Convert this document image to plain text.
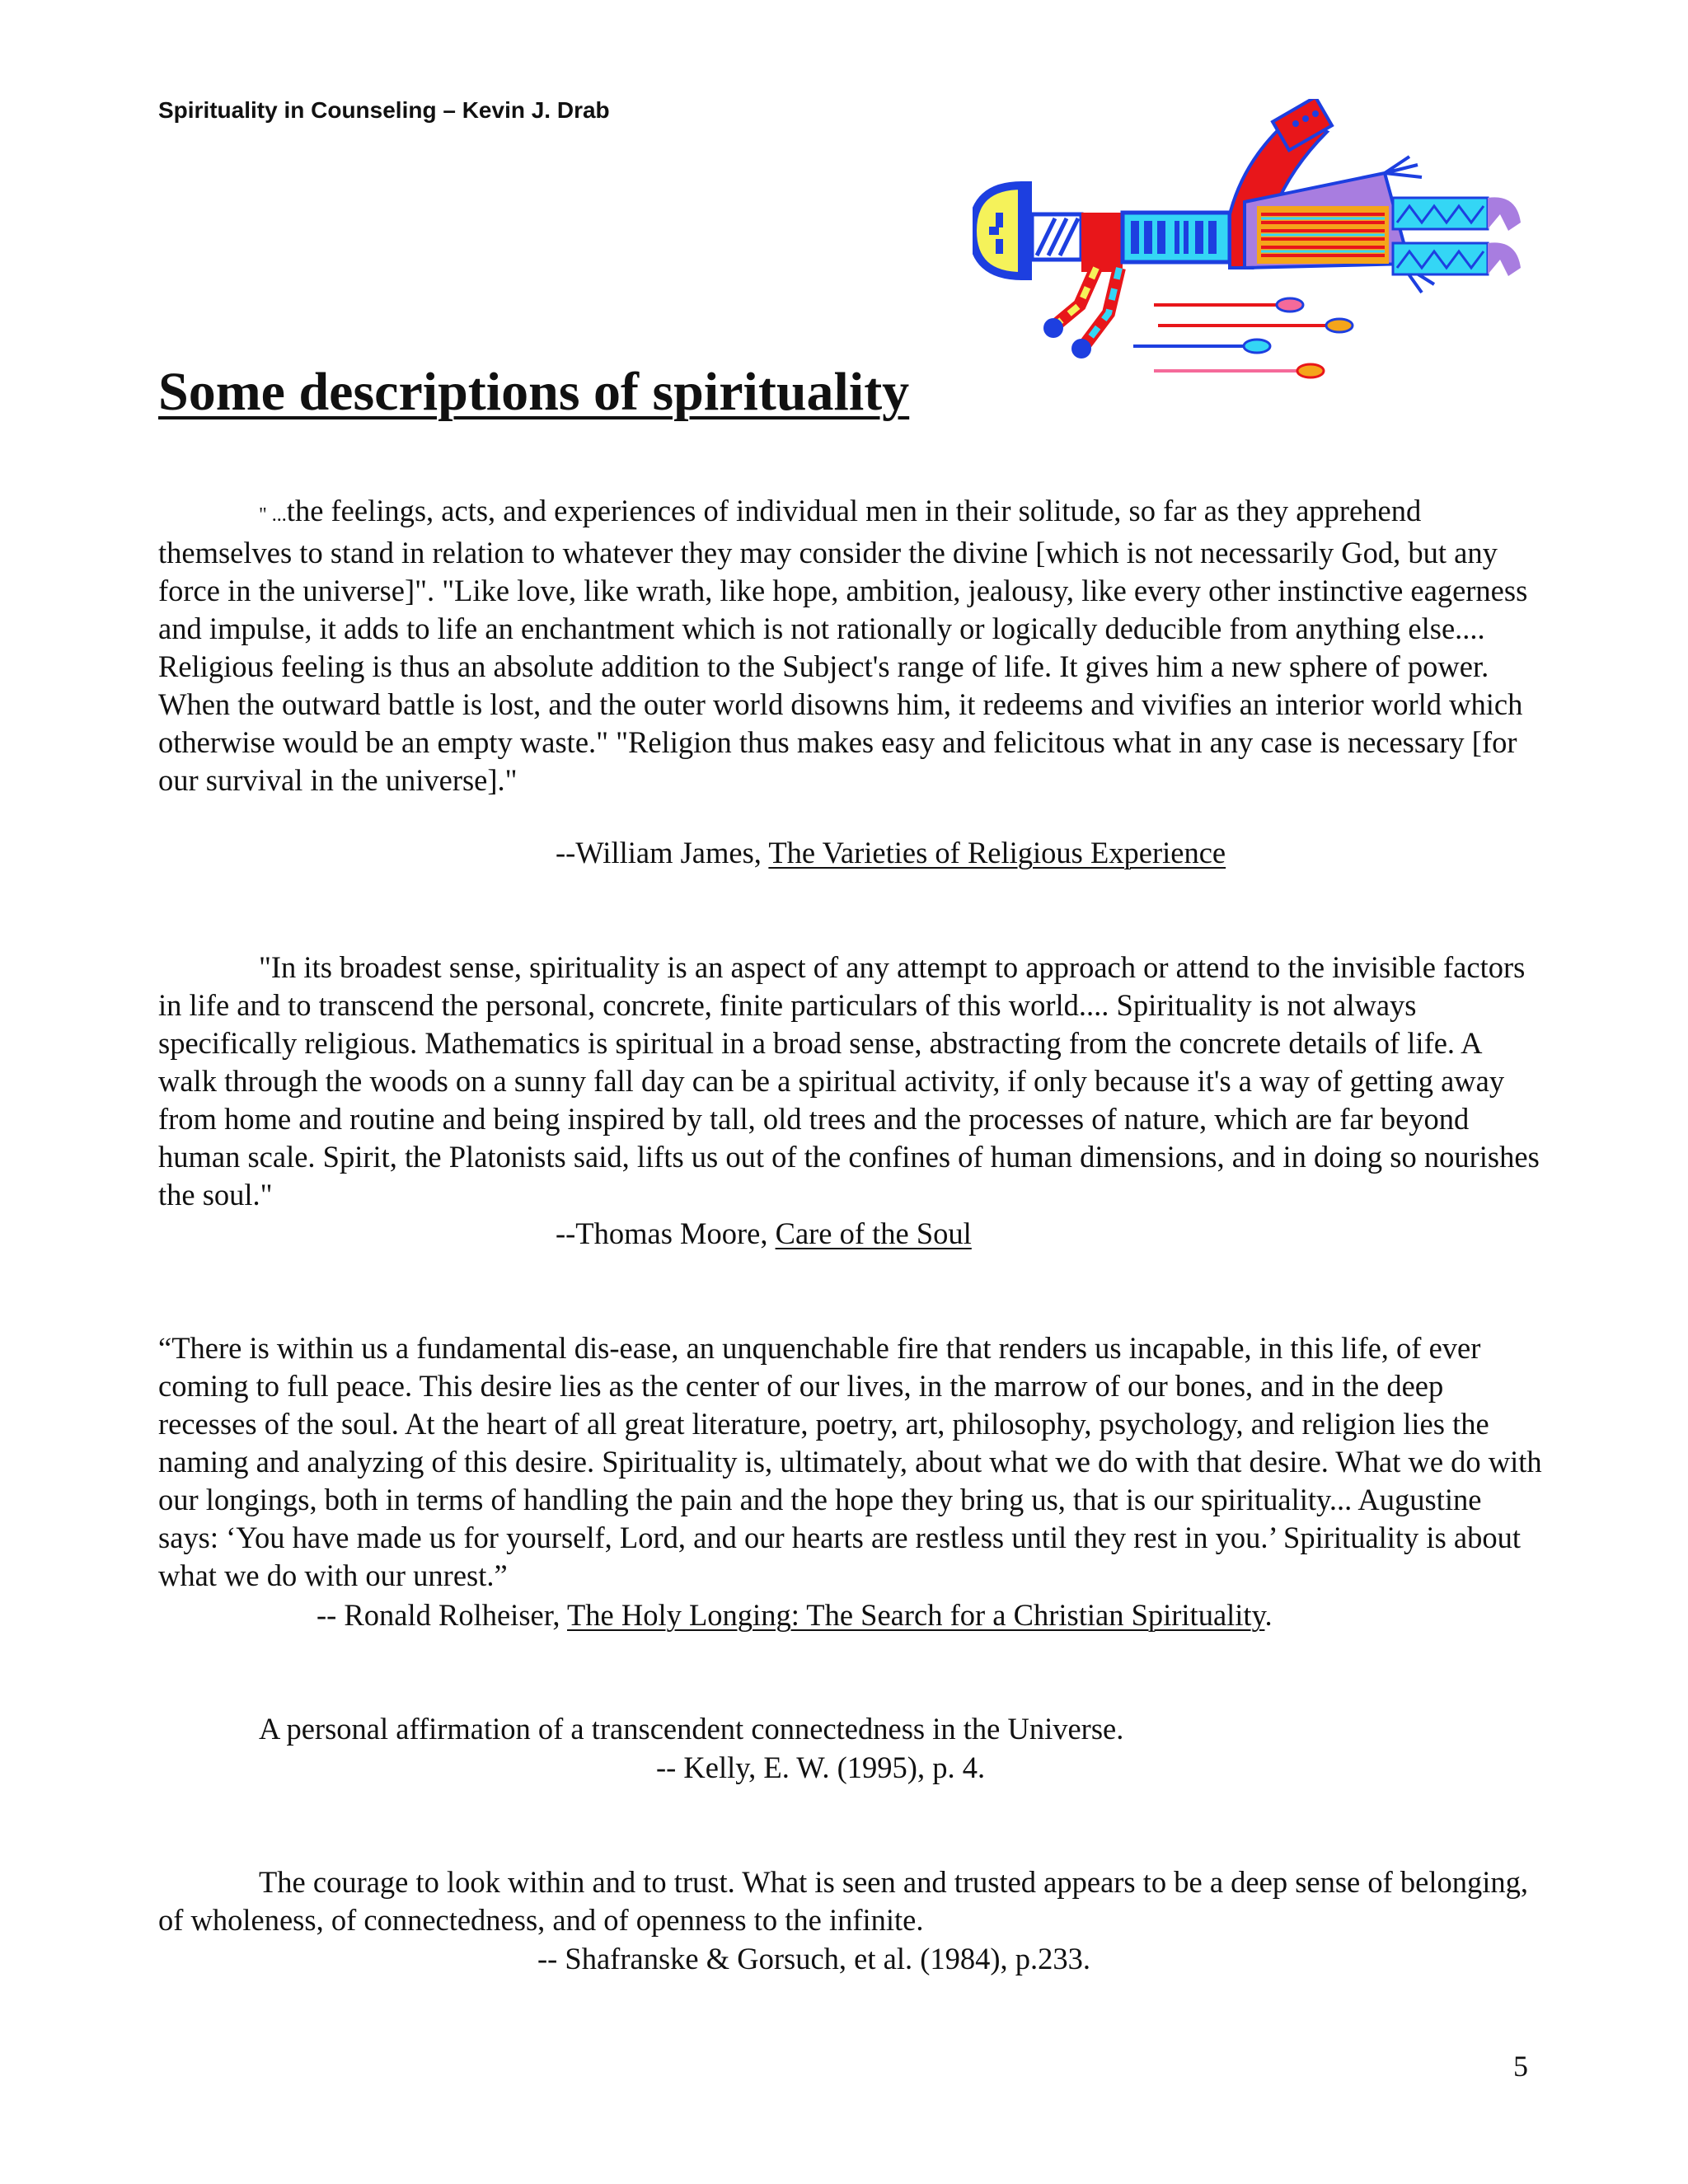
Spirituality in Counseling – Kevin J. Drab
Some descriptions of spirituality

" ...the feelings, acts, and experiences of individual men in their solitude, so far as they apprehend themselves to stand in relation to whatever they may consider the divine [which is not necessarily God, but any force in the universe]". "Like love, like wrath, like hope, ambition, jealousy, like every other instinctive eagerness and impulse, it adds to life an enchantment which is not rationally or logically deducible from anything else.... Religious feeling is thus an absolute addition to the Subject's range of life. It gives him a new sphere of power. When the outward battle is lost, and the outer world disowns him, it redeems and vivifies an interior world which otherwise would be an empty waste." "Religion thus makes easy and felicitous what in any case is necessary [for our survival in the universe]."

--William James, The Varieties of Religious Experience

"In its broadest sense, spirituality is an aspect of any attempt to approach or attend to the invisible factors in life and to transcend the personal, concrete, finite particulars of this world.... Spirituality is not always specifically religious. Mathematics is spiritual in a broad sense, abstracting from the concrete details of life. A walk through the woods on a sunny fall day can be a spiritual activity, if only because it's a way of getting away from home and routine and being inspired by tall, old trees and the processes of nature, which are far beyond human scale. Spirit, the Platonists said, lifts us out of the confines of human dimensions, and in doing so nourishes the soul."

--Thomas Moore, Care of the Soul

“There is within us a fundamental dis-ease, an unquenchable fire that renders us incapable, in this life, of ever coming to full peace. This desire lies as the center of our lives, in the marrow of our bones, and in the deep recesses of the soul. At the heart of all great literature, poetry, art, philosophy, psychology, and religion lies the naming and analyzing of this desire. Spirituality is, ultimately, about what we do with that desire. What we do with our longings, both in terms of handling the pain and the hope they bring us, that is our spirituality... Augustine says: ‘You have made us for yourself, Lord, and our hearts are restless until they rest in you.’ Spirituality is about what we do with our unrest.”

-- Ronald Rolheiser, The Holy Longing: The Search for a Christian Spirituality.

A personal affirmation of a transcendent connectedness in the Universe.

-- Kelly, E. W. (1995), p. 4.

The courage to look within and to trust. What is seen and trusted appears to be a deep sense of belonging, of wholeness, of connectedness, and of openness to the infinite.

-- Shafranske & Gorsuch, et al. (1984), p.233.
5
